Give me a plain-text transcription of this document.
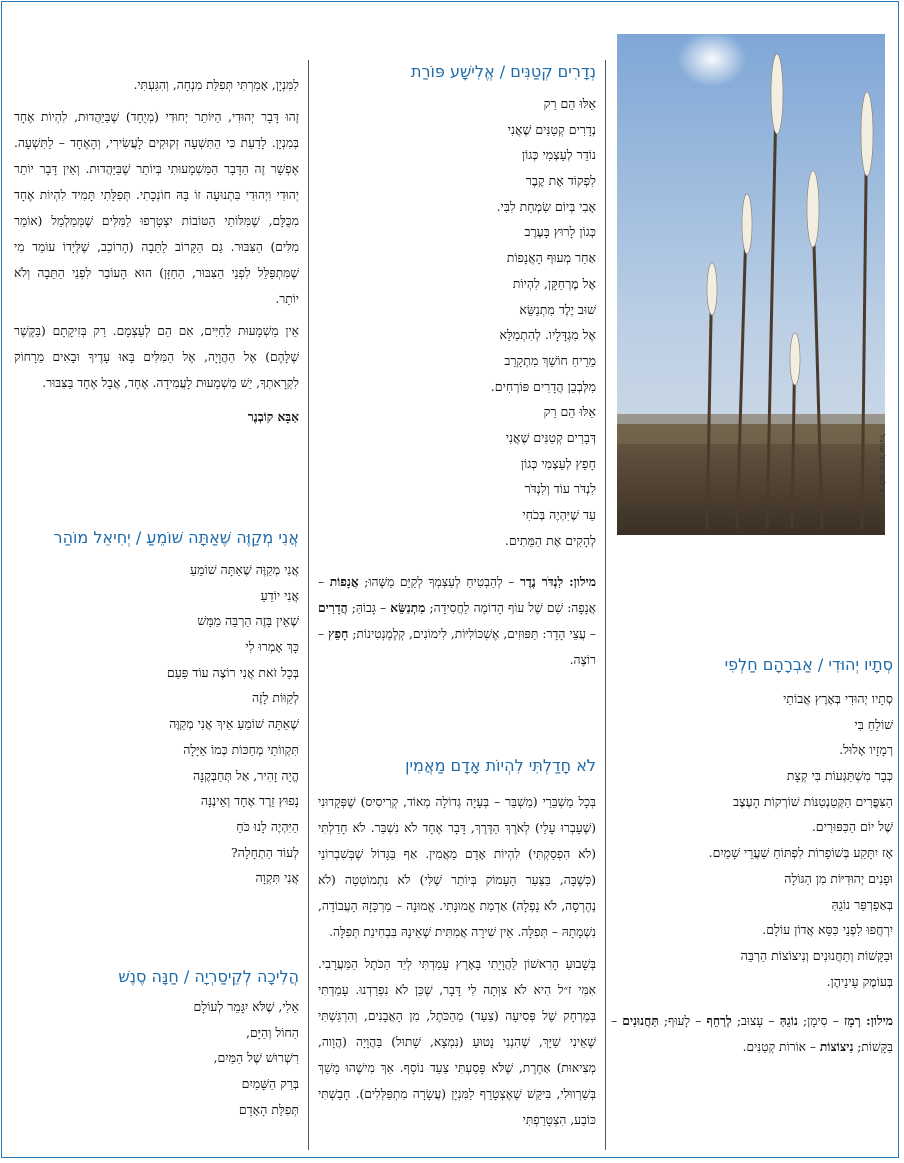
צילום: מיכל שניצל
סְתָיו יְהוּדִי / אַבְרָהָם חַלְפִי
סְתָיו יְהוּדִי בְּאֶרֶץ אֲבוֹתַי
שׁוֹלֵחַ בִּי
רְמָזָיו אָלוּל.
כְּבָר מִשְׁתַּגְּעוֹת בִּי קְצָת
הַצִּפֳּרִים הַקְּטַנְטַנּוֹת שׁוֹרְקוֹת הָעֶצֶב
שֶׁל יוֹם הַכִּפּוּרִים.
אָז יִתָּקַע בְּשׁוֹפָרוֹת לִפְתּוֹחַ שַׁעֲרֵי שָׁמַיִם.
וּפָנִים יְהוּדִיּוֹת מִן הַגּוֹלָה
בְּאַפַרְפַּר נוֹגֵהַּ
יִרְחֲפוּ לִפְנֵי כִּסֵּא אֲדוֹן עוֹלָם.
וּבַקָּשׁוֹת וְתַחֲנוּנִים וְנִיצוֹצוֹת הַרְבֵּה
בְּעוֹמֶק עֵינֵיהֶן.
מילון: רְמָז – סִימָן; נוֹגֵהַּ – עָצוּב; לְרַחֵף – לָעוּף; תַּחֲנוּנִים – בַּקָּשׁוֹת; נִיצוֹצוֹת – אוֹרוֹת קְטַנִּים.
נְדָרִים קְטַנִּים / אֱלִישָׁע פּוֹרַת
אֵלּוּ הֵם רַק
נְדָרִים קְטַנִּים שֶׁאֲנִי
נוֹדֵר לְעַצְמִי כְּגוֹן
לִפְקוֹד אֶת קֶבֶר
אָבִי בְּיוֹם שִׂמְחַת לִבִּי.
כְּגוֹן לָרוּץ בָּעֶרֶב
אַחַר מְעוּף הָאֲנָפוֹת
אֶל מֶרְחַקָּן, לִהְיוֹת
שׁוּב יֶלֶד מִתְנַשֵּׂא
אֶל מִגְדָּלָיו. לְהִתְמַלֵּא
מֵרֵיחַ חוֹשֵׁךְ מִתְקָרֵב
מִלְּבְבֵן הֲדָרִים פּוֹרְחִים.
אֵלּוּ הֵם רַק
דְּבָרִים קְטַנִּים שֶׁאֲנִי
חָפֵץ לְעַצְמִי כְּגוֹן
לִנְדֹּר עוֹד וְלִנְדֹּר
עַד שֶׁיִּהְיֶה בְּכֹחִי
לְהָקִים אֶת הַמֵּתִים.
מילון: לִנְדֹּר נֶדֶר – לְהַבְטִיחַ לְעַצְמְךָ לְקַיֵּם מַשֶּׁהוּ; אֲנָפוֹת – אֲנָפָה: שֵׁם שֶׁל עוֹף הָדוֹמֶה לַחֲסִידָה; מִתְנַשֵּׂא – גָּבוֹהַּ; הֲדָרִים – עֲצֵי הָדָר: תַּפּוּזִים, אֶשְׁכּוֹלִיּוֹת, לִימוֹנִים, קְלֶמֶנְטִינוֹת; חָפֵץ – רוֹצֶה.
לֹא חָדַלְתִּי לִהְיוֹת אָדָם מַאֲמִין

בְּכָל מַשְׁבֵּרַי (מַשְׁבֵּר – בְּעָיָה גְדוֹלָה מְאוֹד, קְרִיסִיס) שֶׁפְּקָדוּנִי (שֶׁעָבְרוּ עָלַי) לְאֹרֶךְ הַדֶּרֶךְ, דָּבָר אֶחָד לֹא נִשְׁבַּר. לֹא חָדַלְתִּי (לֹא הִפְסַקְתִּי) לִהְיוֹת אָדָם מַאֲמִין. אַף בַּגָּדוֹל שֶׁבְּשִׁבְרוֹנַי (כְּשֶׁבָּה, בַּצַּעַר הָעָמוֹק בְּיוֹתֵר שֶׁלִּי) לֹא נִתְמוֹטְטָה (לֹא נֶהֶרְסָה, לֹא נָפְלָה) אַדְמַת אֱמוּנָתִי. אֱמוּנָה – מֵרְכָּזָהּ הָעֲבוֹדָה, נִשְׁמָתָהּ – תְּפִלָּה. אֵין שִׁירָה אֲמִתִּית שֶׁאֵינָהּ בִּבְחִינַת תְּפִלָּה.

בְּשָׁבוּעַ הָרִאשׁוֹן לַהֲוָיָתִי בָּאָרֶץ עָמַדְתִּי לְיַד הַכֹּתֶל הַמַּעֲרָבִי. אִמִּי ז״ל הִיא לֹא צִוְּתָה לִי דָּבָר, שֶׁכֵּן לֹא נִפְרַדְנוּ. עָמַדְתִּי בְּמֶרְחָק שֶׁל פְּסִיעָה (צַעַד) מֵהַכֹּתֶל, מִן הָאֲבָנִים, וְהִרְגַּשְׁתִּי שֶׁאֵינִי שַׁיָּךְ, שֶׁהִנְנִי נָטוּעַ (נִמְצָא, שָׁתוּל) בַּהֲוָיָה (הֲוָוה, מְצִיאוּת) אַחֶרֶת, שֶׁלֹּא פָּסַעְתִּי צַעַד נוֹסָף. אַךְ מִישֶׁהוּ מָשַׁךְ בְּשַׁרְווּלִי, בִּיקֵּשׁ שֶׁאֶצְטָרֵף לַמִּנְיָן (עֲשָׂרָה מִתְפַּלְּלִים). חָבַשְׁתִּי כּוֹבַע, הִצְטָרַפְתִּי

לַמִּנְיָן, אָמַרְתִּי תְּפִלַּת מִנְחָה, וְהִגַּעְתִּי.

זֶהוּ דָּבָר יְהוּדִי, הַיּוֹתֵר יְחוּדִי (מְיֻחָד) שֶׁבַּיַּהֲדוּת, לִהְיוֹת אֶחָד בְּמִנְיָן. לָדַעַת כִּי הַתִּשְׁעָה זְקוּקִים לָעֲשִׂירִי, וְהָאֶחָד – לַתִּשְׁעָה. אֶפְשָׁר זֶה הַדָּבָר הַמַּשְׁמָעוּתִי בְּיוֹתֵר שֶׁבַּיַּהֲדוּת. וְאֵין דָּבָר יוֹתֵר יְהוּדִי וִיְהוּדִי בִּתְנוּעָה זוֹ בָּהּ חוֹנְכָתִי. תְּפִלָּתִי תָּמִיד לִהְיוֹת אֶחָד מִכֻּלָּם, שֶׁמִּלּוֹתַי הַטּוֹבוֹת יִצְטָרְפוּ לַמִּלִּים שֶׁמְּמַלְמֵל (אוֹמֵר מִלִּים) הַצִּבּוּר. גַּם הַקָּרוֹב לַתֵּבָה (הָרוֹכֵב, שֶׁלְּיָדוֹ עוֹמֵד מִי שֶׁמִּתְפַּלֵּל לִפְנֵי הַצִּבּוּר, הַחַזָּן) הוּא הָעוֹבֵר לִפְנֵי הַתֵּבָה וְלֹא יוֹתֵר.

אֵין מַשְׁמָעוּת לַחַיִּים, אִם הֵם לְעַצְמָם. רַק בְּזִיקָתָם (בַּקֶּשֶׁר שֶׁלָּהֶם) אֶל הַהֲוָיָה, אֶל הַמִּלִּים בָּאוּ עָדֶיךָ וּבָאִים מֵרָחוֹק לִקְרָאתְךָ, יֵשׁ מַשְׁמָעוּת לָעֲמִידָה. אֶחָד, אֲבָל אֶחָד בַּצִּבּוּר.

אַבָּא קוֹבְנֶר

אֲנִי מְקַוֶּה שֶׁאַתָּה שׁוֹמֵעַ / יְחִיאֵל מוֹהַר
אֲנִי מְקַוֶּה שֶׁאַתָּה שׁוֹמֵעַ
אֲנִי יוֹדֵעַ
שֶׁאֵין בָּזֶה הַרְבֵּה מַמָּשׁ
כָּךְ אָמְרוּ לִי
בְּכָל זֹאת אֲנִי רוֹצֶה עוֹד פַּעַם
לְקַוּוֹת לָזֶה
שֶׁאַתָּה שׁוֹמֵעַ אֵיךְ אֲנִי מְקַוֶּה
תִּקְווֹתַי מְחַכּוֹת כְּמוֹ אַיָּלָה
הֱיֵה זָהִיר, אַל תְּחַבְּקֶנָּה
נָפוּץ זֵרֶד אֶחָד וְאֵינֶנָּה
הַיִּהְיֶה לָנוּ כֹּחַ
לְעוֹד הַתְחָלָה?
אֲנִי תִּקְוָה
הֲלִיכָה לְקֵיסַרְיָה / חַנָּה סֶנֶשׁ
אֵלִי, שֶׁלֹּא יִגָּמֵר לְעוֹלָם
הַחוֹל וְהַיָּם,
רִשְׁרוּשׁ שֶׁל הַמַּיִם,
בְּרַק הַשָּׁמַיִם
תְּפִלַּת הָאָדָם
